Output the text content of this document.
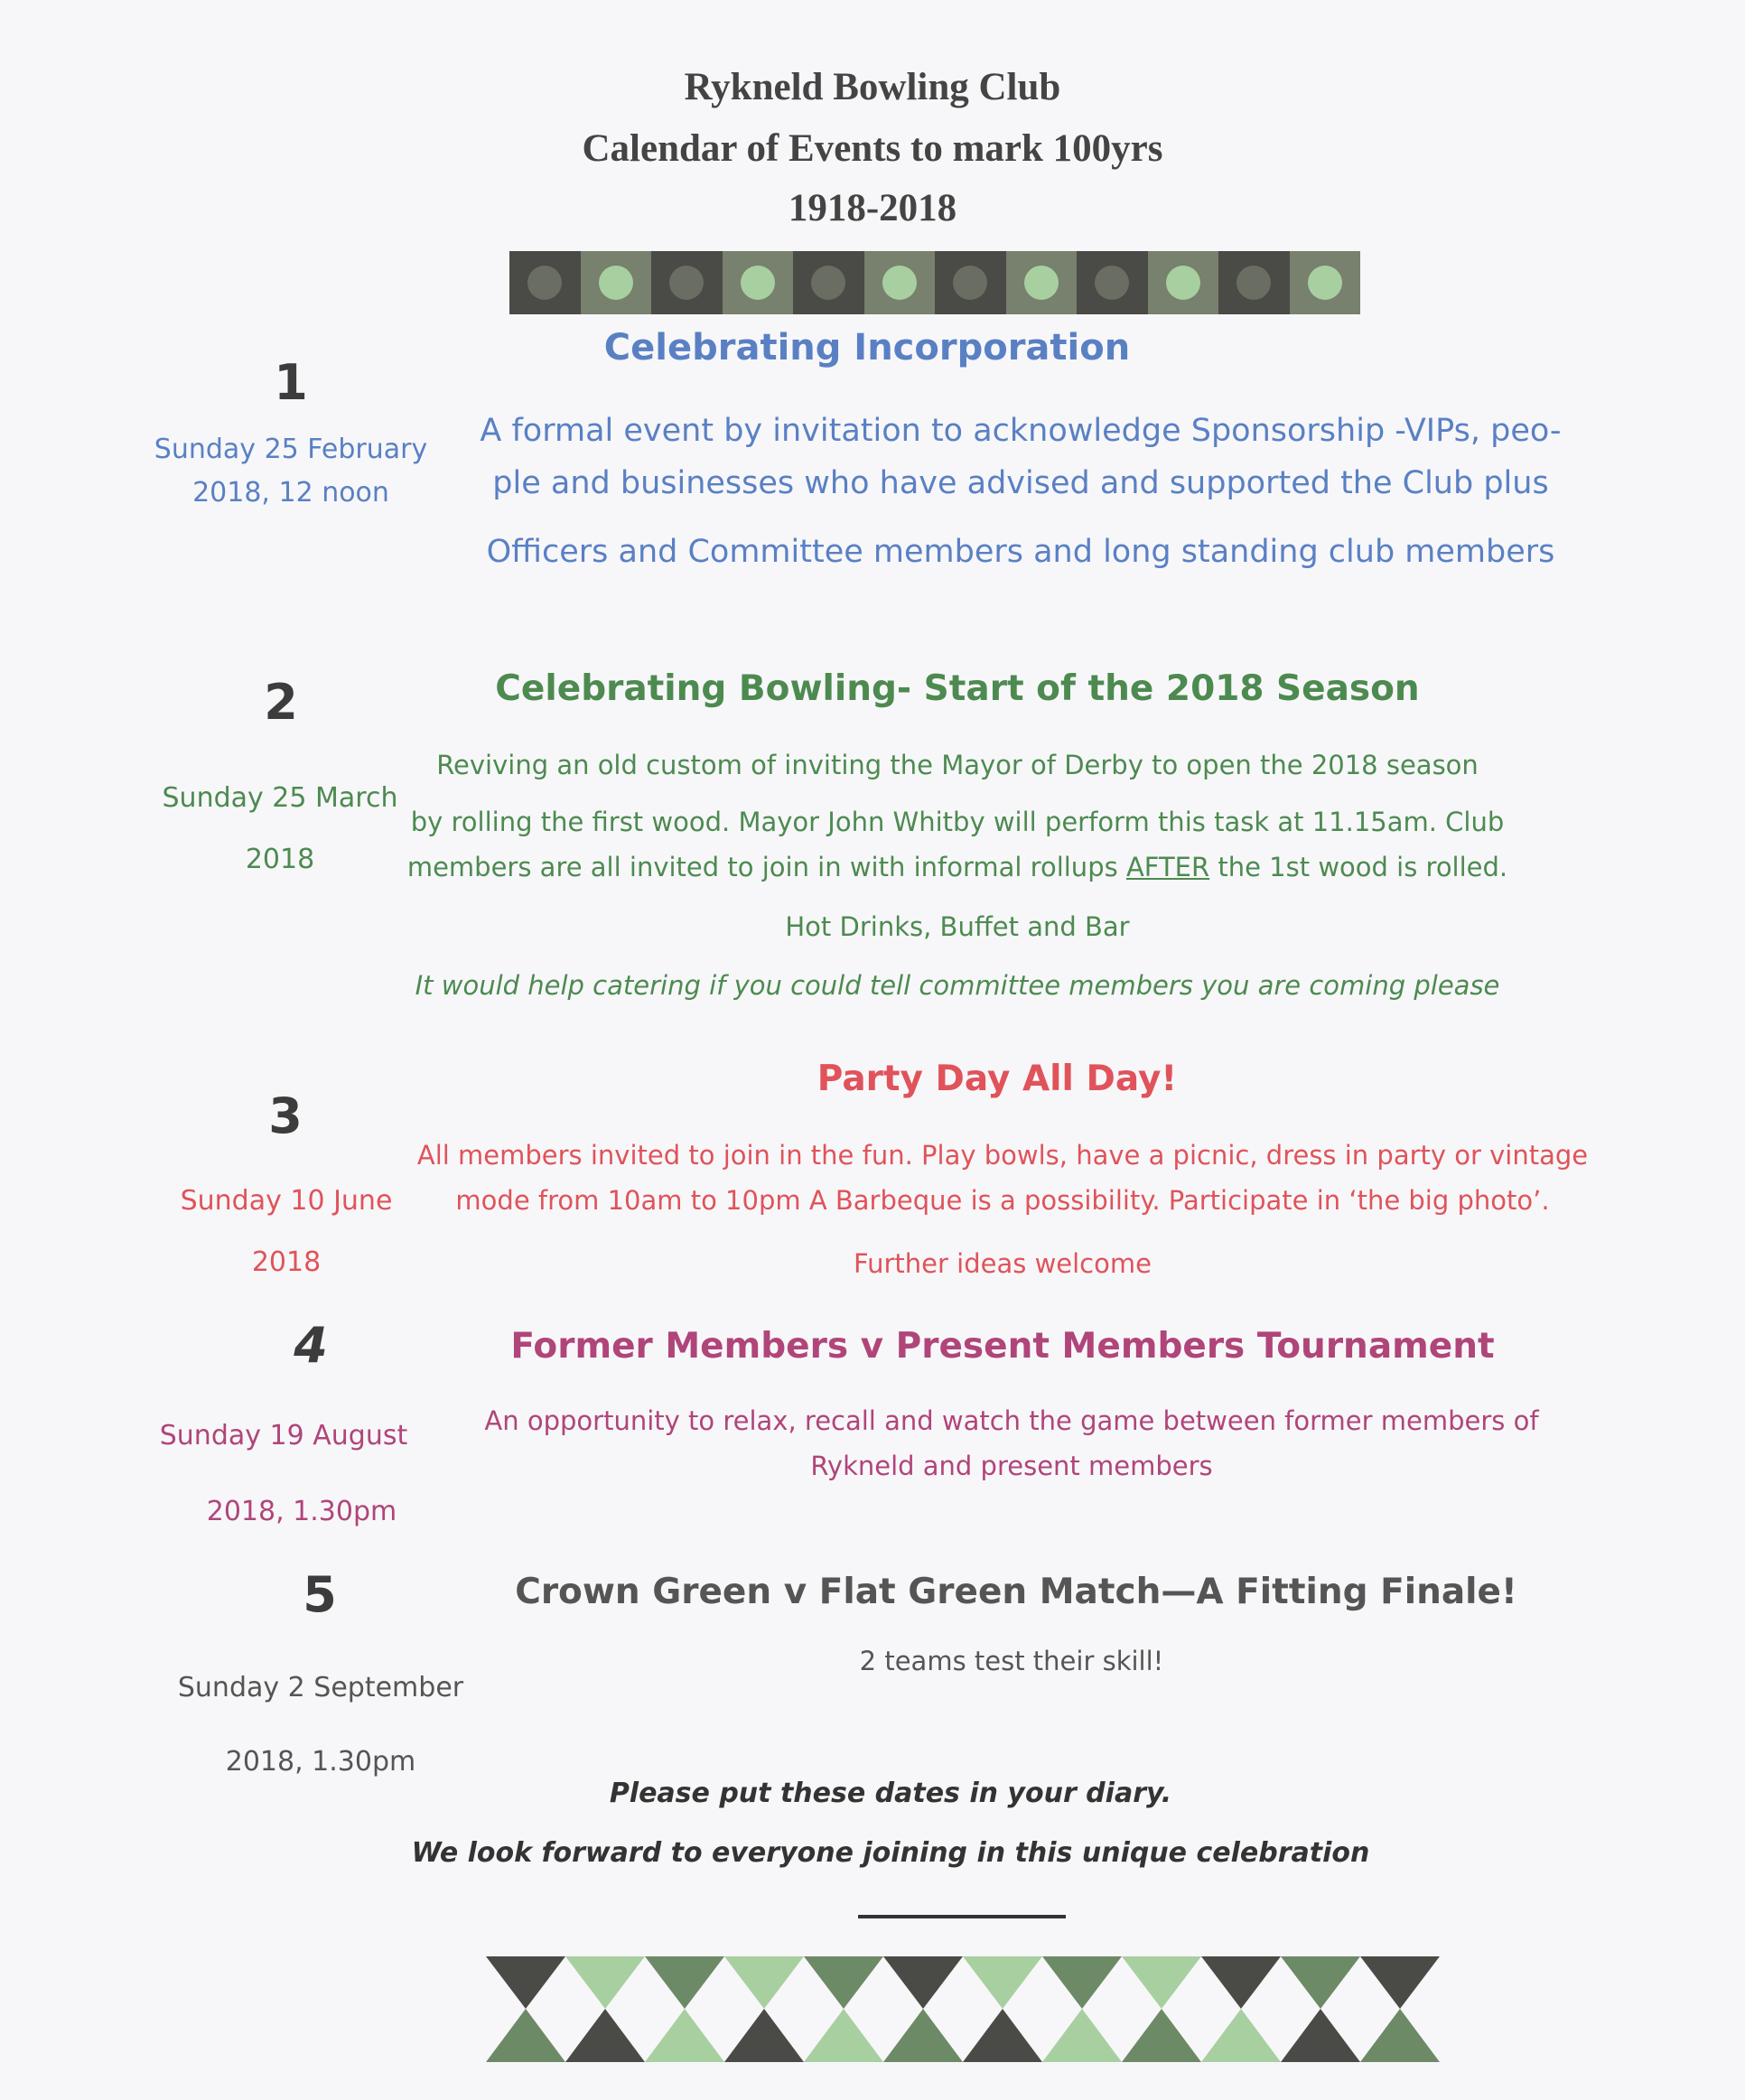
Rykneld Bowling Club
Calendar of Events to mark 100yrs
1918-2018
1
Sunday 25 February
2018, 12 noon
Celebrating Incorporation
A formal event by invitation to acknowledge Sponsorship -VIPs, peo-
ple and businesses who have advised and supported the Club plus
Officers and Committee members and long standing club members
2
Sunday 25 March
2018
Celebrating Bowling- Start of the 2018 Season
Reviving an old custom of inviting the Mayor of Derby to open the 2018 season
by rolling the first wood. Mayor John Whitby will perform this task at 11.15am. Club
members are all invited to join in with informal rollups AFTER the 1st wood is rolled.
Hot Drinks, Buffet and Bar
It would help catering if you could tell committee members you are coming please
3
Sunday 10 June
2018
Party Day All Day!
All members invited to join in the fun. Play bowls, have a picnic, dress in party or vintage
mode from 10am to 10pm A Barbeque is a possibility. Participate in ‘the big photo’.
Further ideas welcome
4
Sunday 19 August
2018, 1.30pm
Former Members v Present Members Tournament
An opportunity to relax, recall and watch the game between former members of
Rykneld and present members
5
Sunday 2 September
2018, 1.30pm
Crown Green v Flat Green Match—A Fitting Finale!
2 teams test their skill!
Please put these dates in your diary.
We look forward to everyone joining in this unique celebration
